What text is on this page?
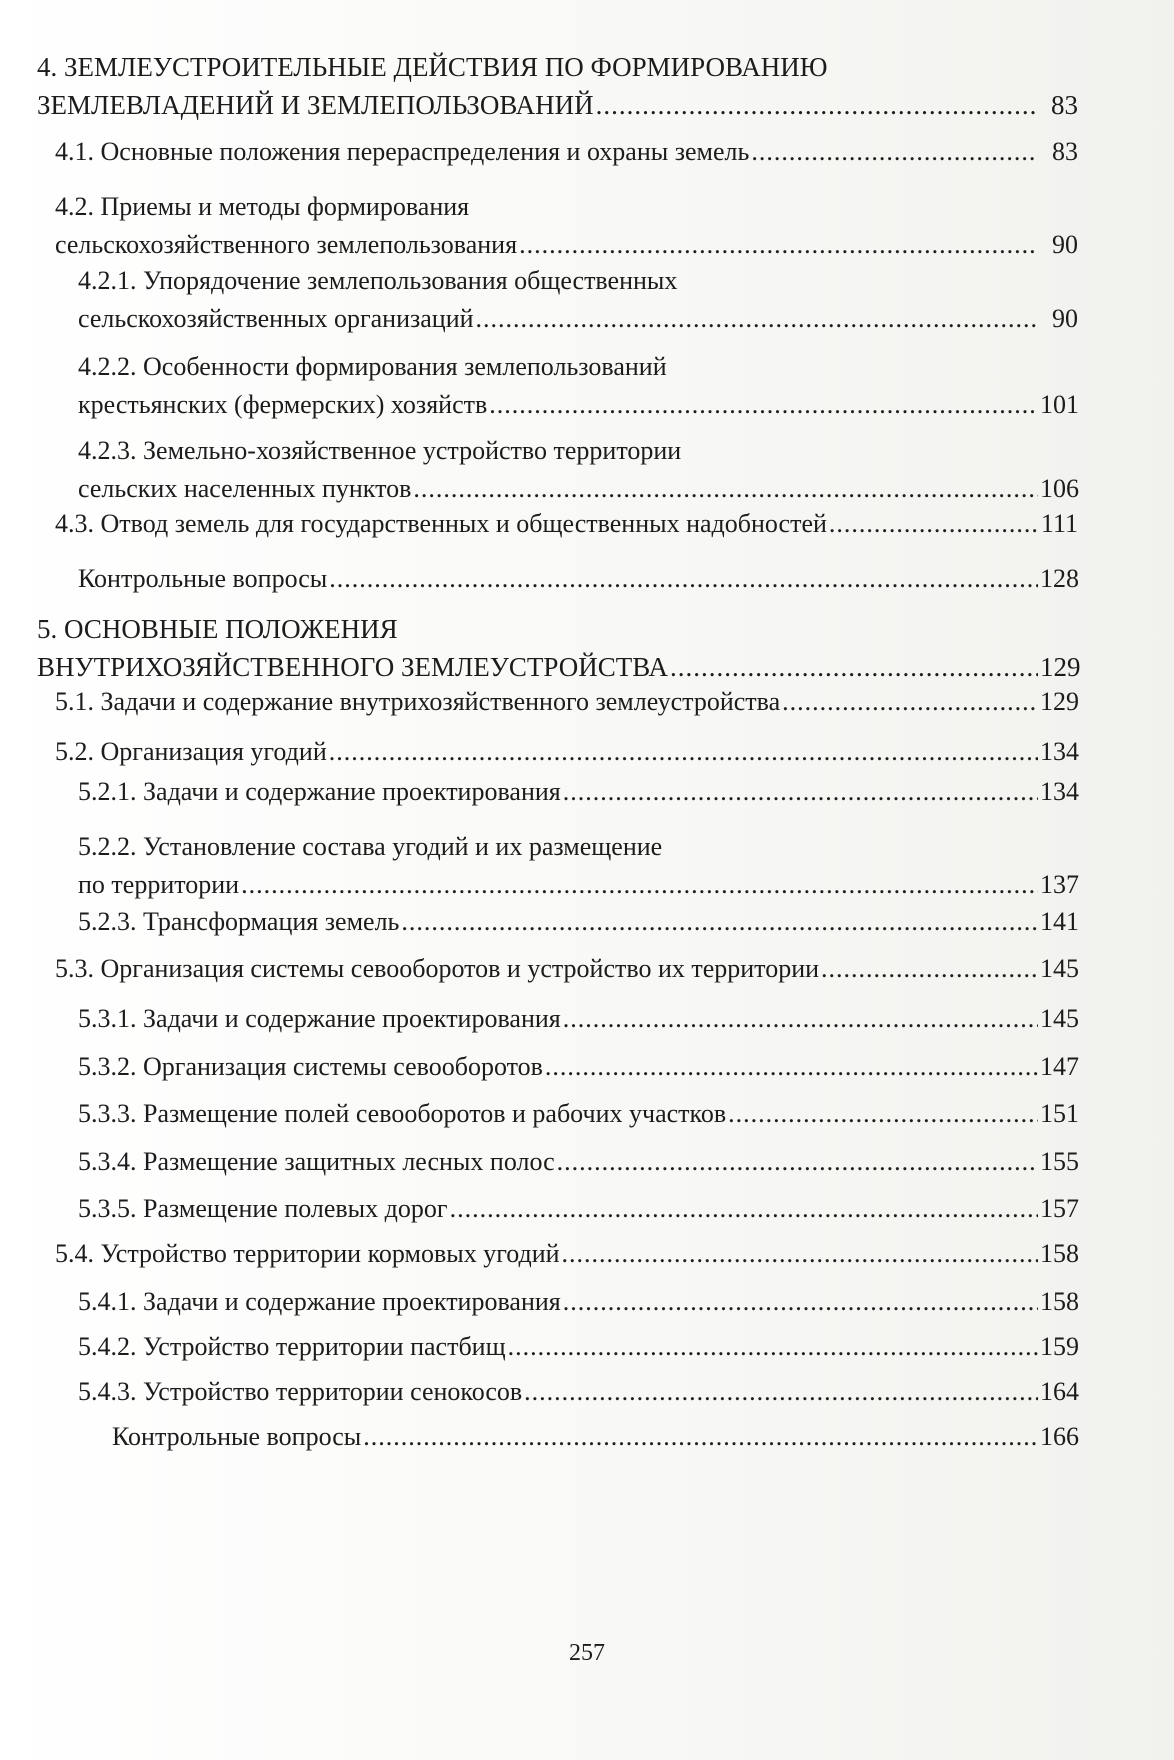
4. ЗЕМЛЕУСТРОИТЕЛЬНЫЕ ДЕЙСТВИЯ ПО ФОРМИРОВАНИЮ
ЗЕМЛЕВЛАДЕНИЙ И ЗЕМЛЕПОЛЬЗОВАНИЙ .....	83
4.1. Основные положения перераспределения и охраны земель .....	83
4.2. Приемы и методы формирования
сельскохозяйственного землепользования .....	90
4.2.1. Упорядочение землепользования общественных
сельскохозяйственных организаций .....	90
4.2.2. Особенности формирования землепользований
крестьянских (фермерских) хозяйств .....	101
4.2.3. Земельно-хозяйственное устройство территории
сельских населенных пунктов .....	106
4.3. Отвод земель для государственных и общественных надобностей .....	111
Контрольные вопросы .....	128
5. ОСНОВНЫЕ ПОЛОЖЕНИЯ
ВНУТРИХОЗЯЙСТВЕННОГО ЗЕМЛЕУСТРОЙСТВА .....	129
5.1. Задачи и содержание внутрихозяйственного землеустройства .....	129
5.2. Организация угодий .....	134
5.2.1. Задачи и содержание проектирования .....	134
5.2.2. Установление состава угодий и их размещение
по территории .....	137
5.2.3. Трансформация земель .....	141
5.3. Организация системы севооборотов и устройство их территории .....	145
5.3.1. Задачи и содержание проектирования .....	145
5.3.2. Организация системы севооборотов .....	147
5.3.3. Размещение полей севооборотов и рабочих участков .....	151
5.3.4. Размещение защитных лесных полос .....	155
5.3.5. Размещение полевых дорог .....	157
5.4. Устройство территории кормовых угодий .....	158
5.4.1. Задачи и содержание проектирования .....	158
5.4.2. Устройство территории пастбищ .....	159
5.4.3. Устройство территории сенокосов .....	164
Контрольные вопросы .....	166
257
